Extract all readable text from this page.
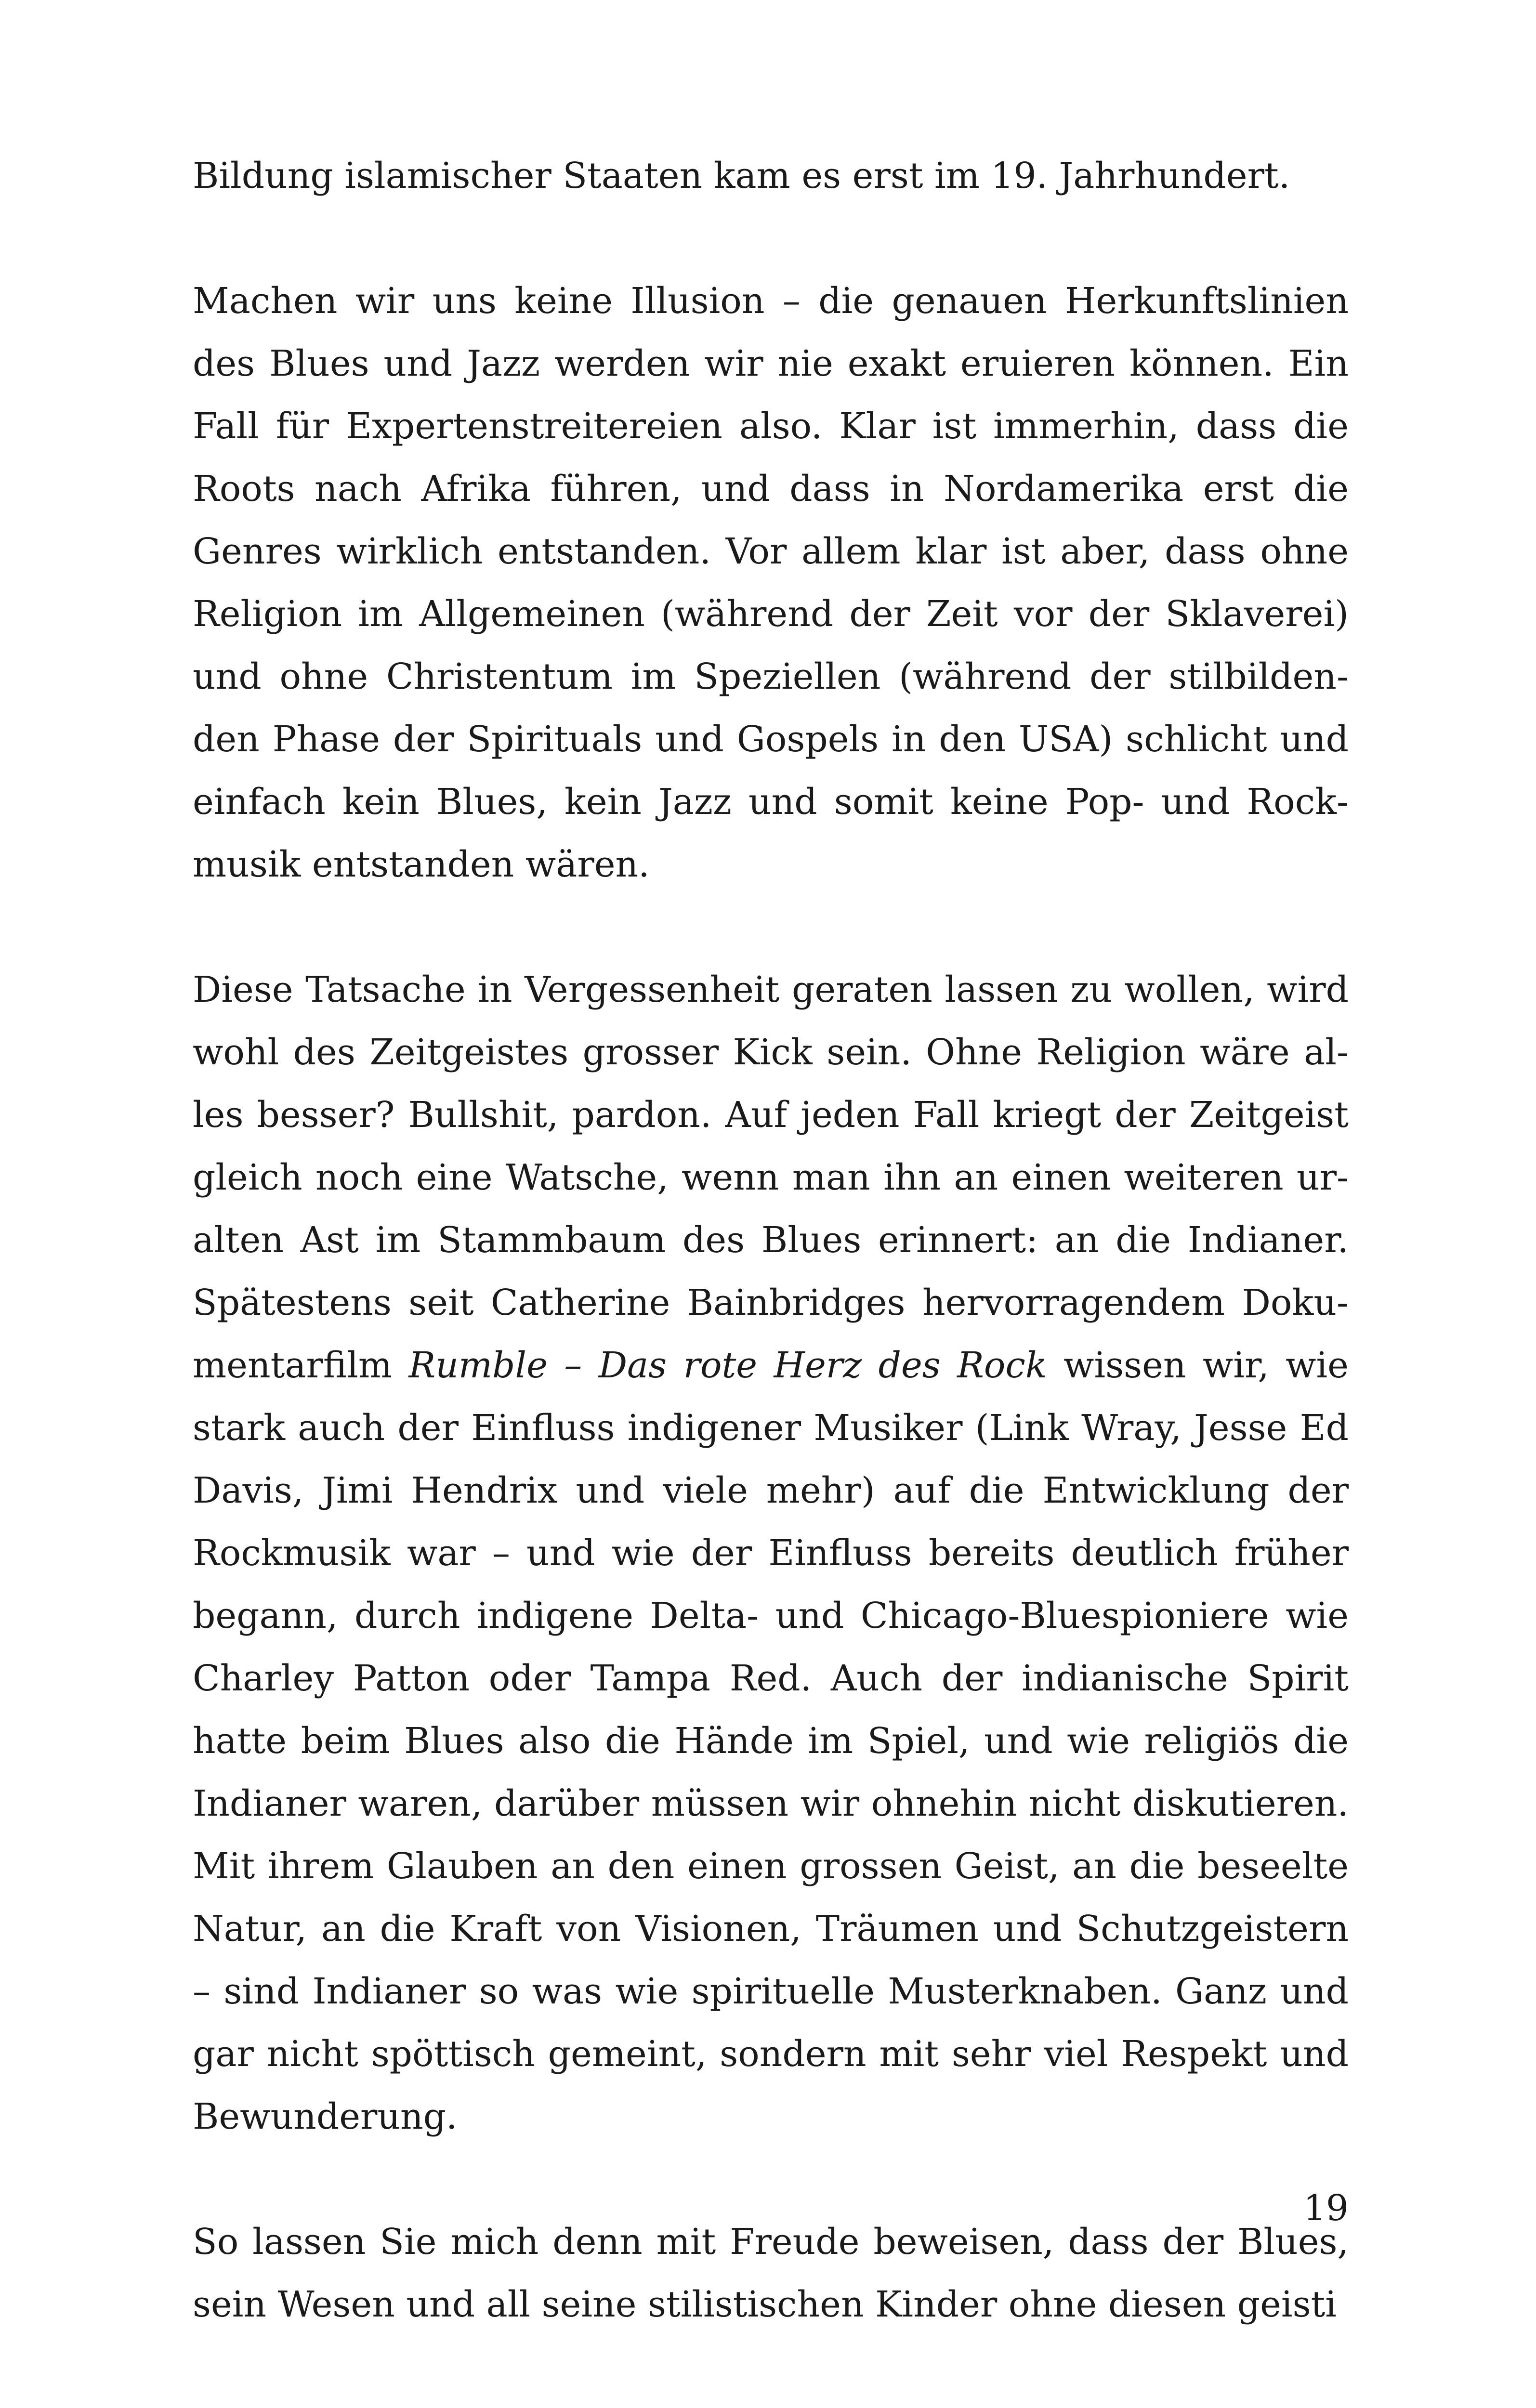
Bildung islamischer Staaten kam es erst im 19. Jahrhundert.

Machen wir uns keine Illusion – die genauen Herkunftslinien des Blues und Jazz werden wir nie exakt eruieren können. Ein Fall für Expertenstreitereien also. Klar ist immerhin, dass die Roots nach Afrika führen, und dass in Nordamerika erst die Genres wirklich entstanden. Vor allem klar ist aber, dass ohne Religion im Allgemeinen (während der Zeit vor der Sklaverei) und ohne Christentum im Speziellen (während der stilbildenden Phase der Spirituals und Gospels in den USA) schlicht und einfach kein Blues, kein Jazz und somit keine Pop- und Rockmusik entstanden wären.

Diese Tatsache in Vergessenheit geraten lassen zu wollen, wird wohl des Zeitgeistes grosser Kick sein. Ohne Religion wäre alles besser? Bullshit, pardon. Auf jeden Fall kriegt der Zeitgeist gleich noch eine Watsche, wenn man ihn an einen weiteren uralten Ast im Stammbaum des Blues erinnert: an die Indianer. Spätestens seit Catherine Bainbridges hervorragendem Dokumentarfilm Rumble – Das rote Herz des Rock wissen wir, wie stark auch der Einfluss indigener Musiker (Link Wray, Jesse Ed Davis, Jimi Hendrix und viele mehr) auf die Entwicklung der Rockmusik war – und wie der Einfluss bereits deutlich früher begann, durch indigene Delta- und Chicago-Bluespioniere wie Charley Patton oder Tampa Red. Auch der indianische Spirit hatte beim Blues also die Hände im Spiel, und wie religiös die Indianer waren, darüber müssen wir ohnehin nicht diskutieren. Mit ihrem Glauben an den einen grossen Geist, an die beseelte Natur, an die Kraft von Visionen, Träumen und Schutzgeistern – sind Indianer so was wie spirituelle Musterknaben. Ganz und gar nicht spöttisch gemeint, sondern mit sehr viel Respekt und Bewunderung.

So lassen Sie mich denn mit Freude beweisen, dass der Blues, sein Wesen und all seine stilistischen Kinder ohne diesen geisti

19
